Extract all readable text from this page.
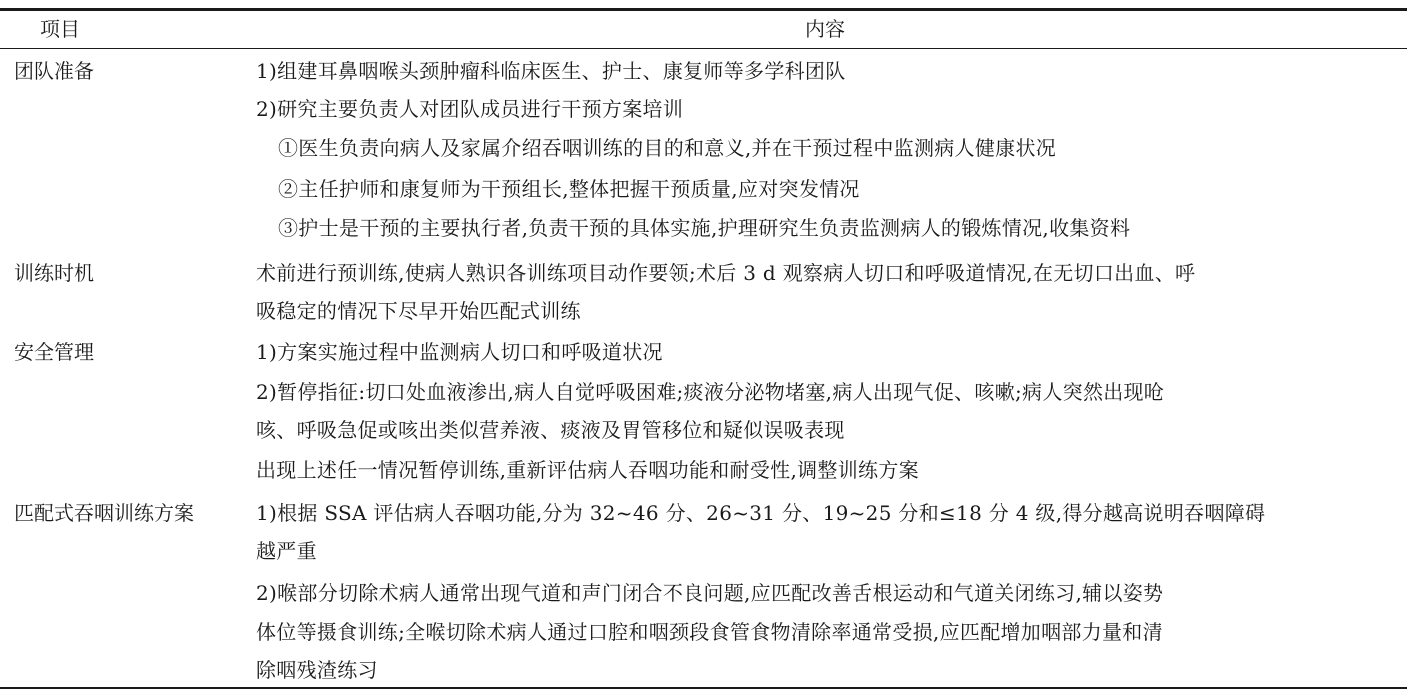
项目	内容
团队准备	1)组建耳鼻咽喉头颈肿瘤科临床医生、护士、康复师等多学科团队
2)研究主要负责人对团队成员进行干预方案培训
①医生负责向病人及家属介绍吞咽训练的目的和意义,并在干预过程中监测病人健康状况
②主任护师和康复师为干预组长,整体把握干预质量,应对突发情况
③护士是干预的主要执行者,负责干预的具体实施,护理研究生负责监测病人的锻炼情况,收集资料
训练时机	术前进行预训练,使病人熟识各训练项目动作要领;术后 3 d 观察病人切口和呼吸道情况,在无切口出血、呼
吸稳定的情况下尽早开始匹配式训练
安全管理	1)方案实施过程中监测病人切口和呼吸道状况
2)暂停指征:切口处血液渗出,病人自觉呼吸困难;痰液分泌物堵塞,病人出现气促、咳嗽;病人突然出现呛
咳、呼吸急促或咳出类似营养液、痰液及胃管移位和疑似误吸表现
出现上述任一情况暂停训练,重新评估病人吞咽功能和耐受性,调整训练方案
匹配式吞咽训练方案	1)根据 SSA 评估病人吞咽功能,分为 32~46 分、26~31 分、19~25 分和≤18 分 4 级,得分越高说明吞咽障碍
越严重
2)喉部分切除术病人通常出现气道和声门闭合不良问题,应匹配改善舌根运动和气道关闭练习,辅以姿势
体位等摄食训练;全喉切除术病人通过口腔和咽颈段食管食物清除率通常受损,应匹配增加咽部力量和清
除咽残渣练习
